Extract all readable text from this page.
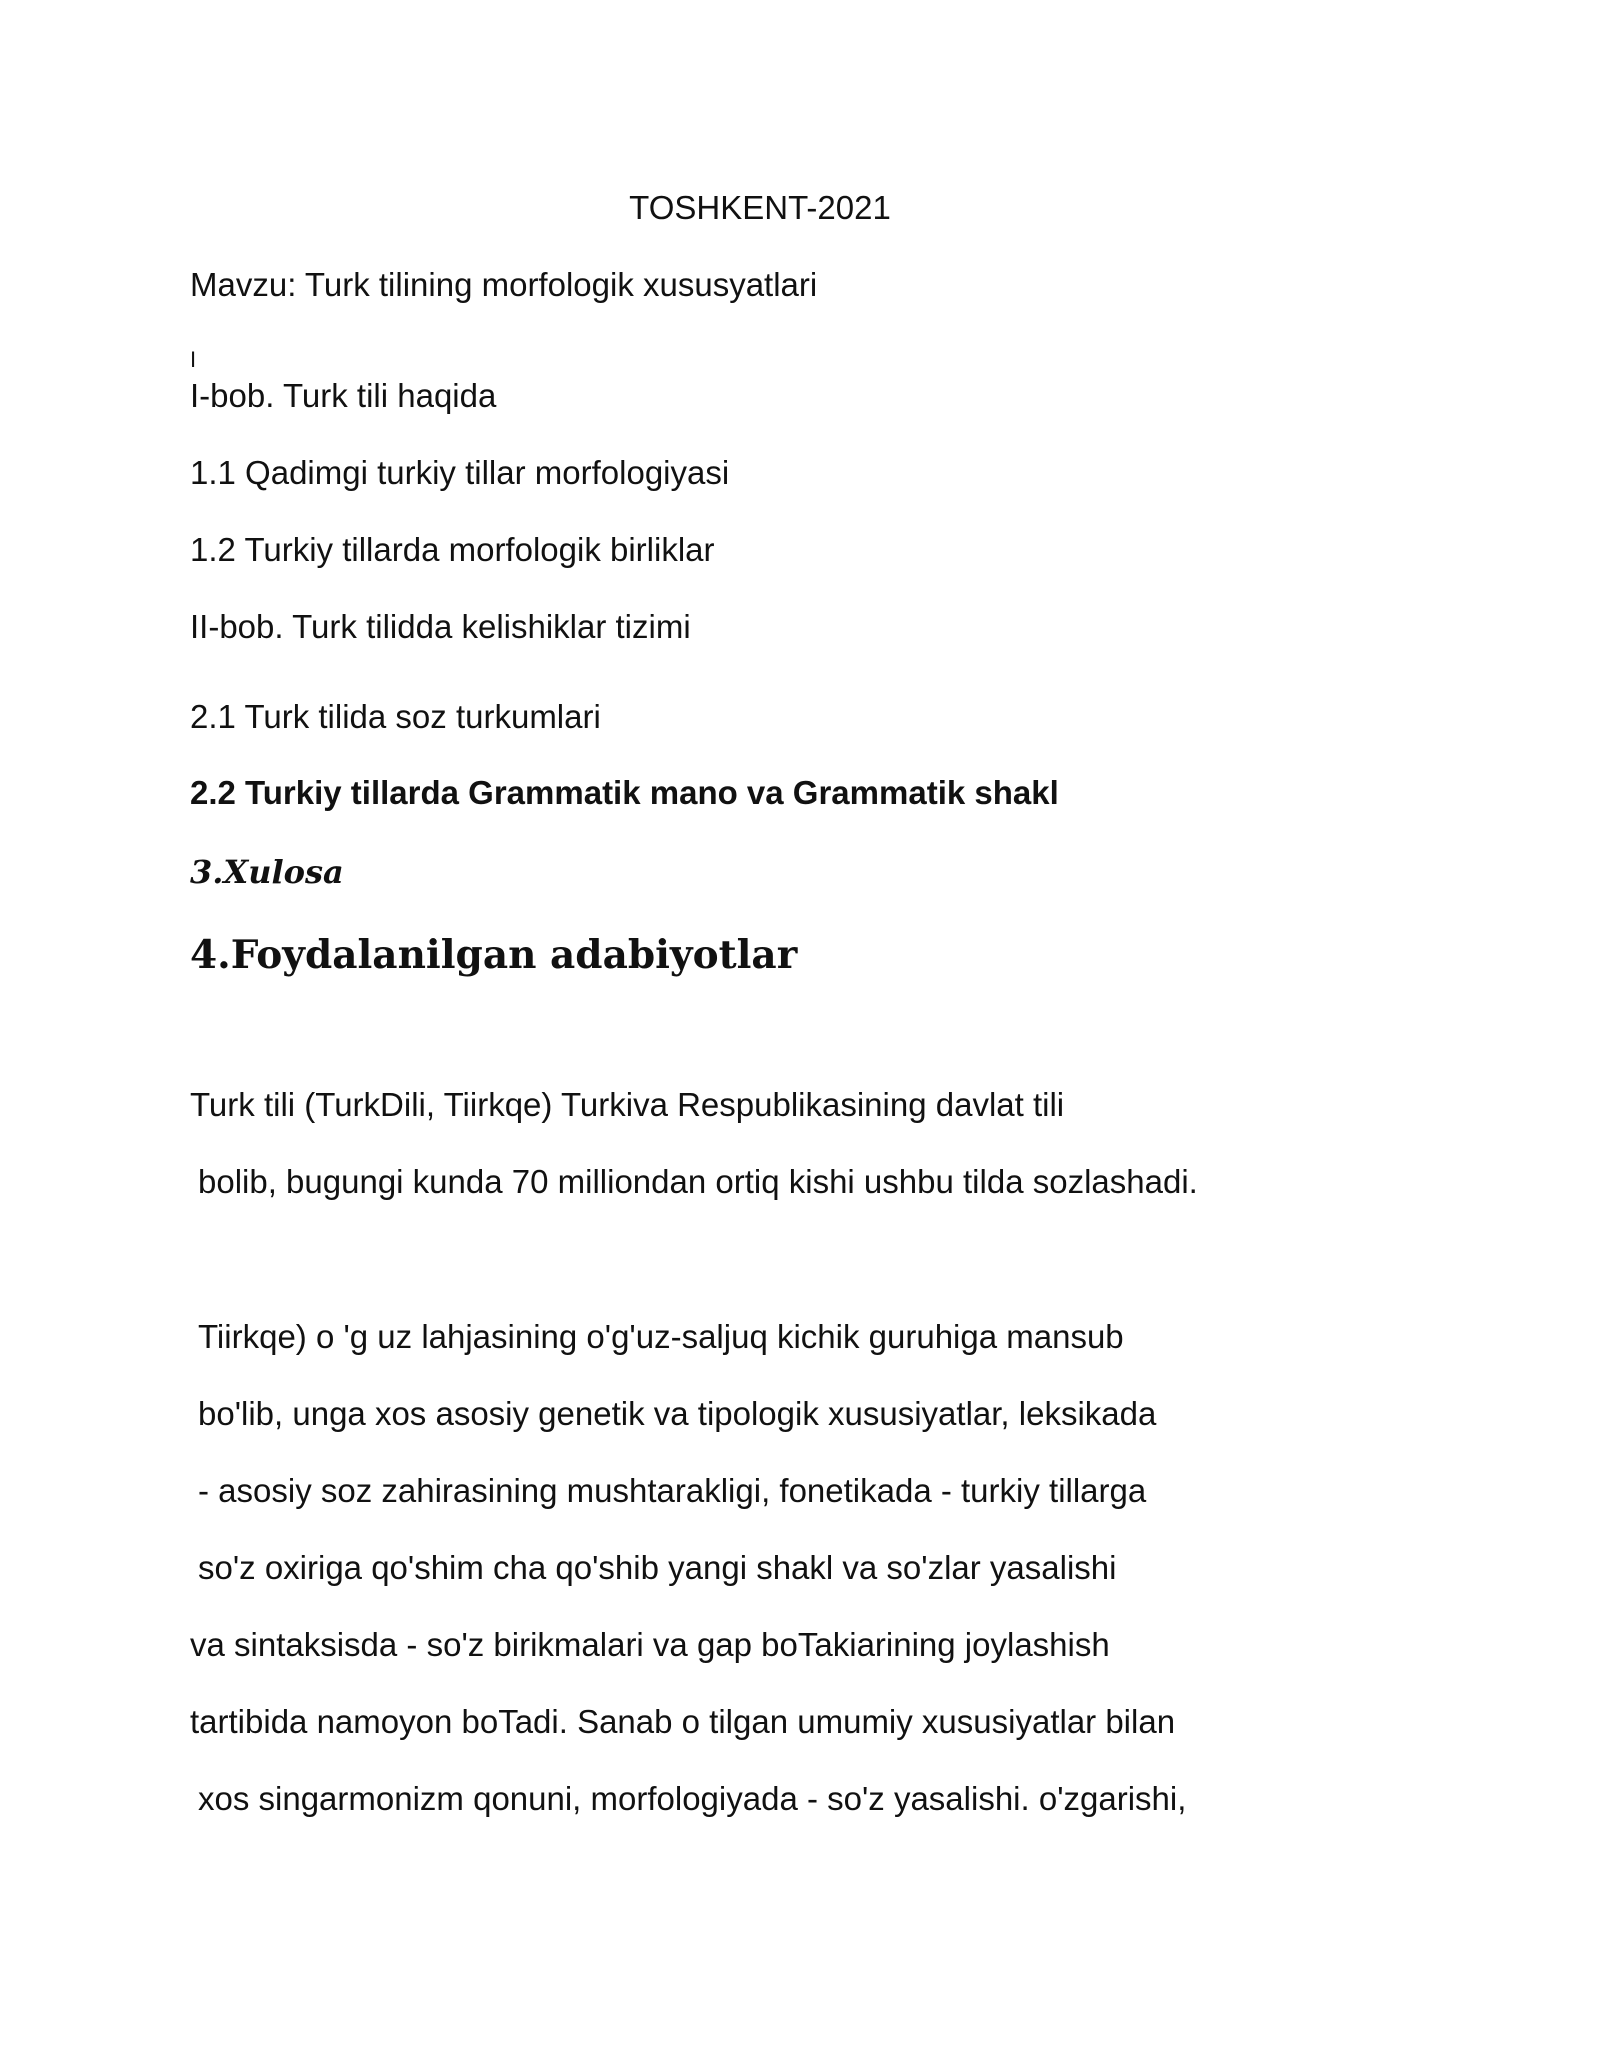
TOSHKENT-2021
Mavzu: Turk tilining morfologik xususyatlari
I
I-bob. Turk tili haqida
1.1 Qadimgi turkiy tillar morfologiyasi
1.2 Turkiy tillarda morfologik birliklar
II-bob. Turk tilidda kelishiklar tizimi
2.1 Turk tilida soz turkumlari
2.2 Turkiy tillarda Grammatik mano va Grammatik shakl
3.Xulosa
4.Foydalanilgan adabiyotlar
Turk tili (TurkDili, Tiirkqe) Turkiva Respublikasining davlat tili
bolib, bugungi kunda 70 milliondan ortiq kishi ushbu tilda sozlashadi.
Tiirkqe) o 'g uz lahjasining o'g'uz-saljuq kichik guruhiga mansub
bo'lib, unga xos asosiy genetik va tipologik xususiyatlar, leksikada
- asosiy soz zahirasining mushtarakligi, fonetikada - turkiy tillarga
so'z oxiriga qo'shim cha qo'shib yangi shakl va so'zlar yasalishi
va sintaksisda - so'z birikmalari va gap boTakiarining joylashish
tartibida namoyon boTadi. Sanab o tilgan umumiy xususiyatlar bilan
xos singarmonizm qonuni, morfologiyada - so'z yasalishi. o'zgarishi,
